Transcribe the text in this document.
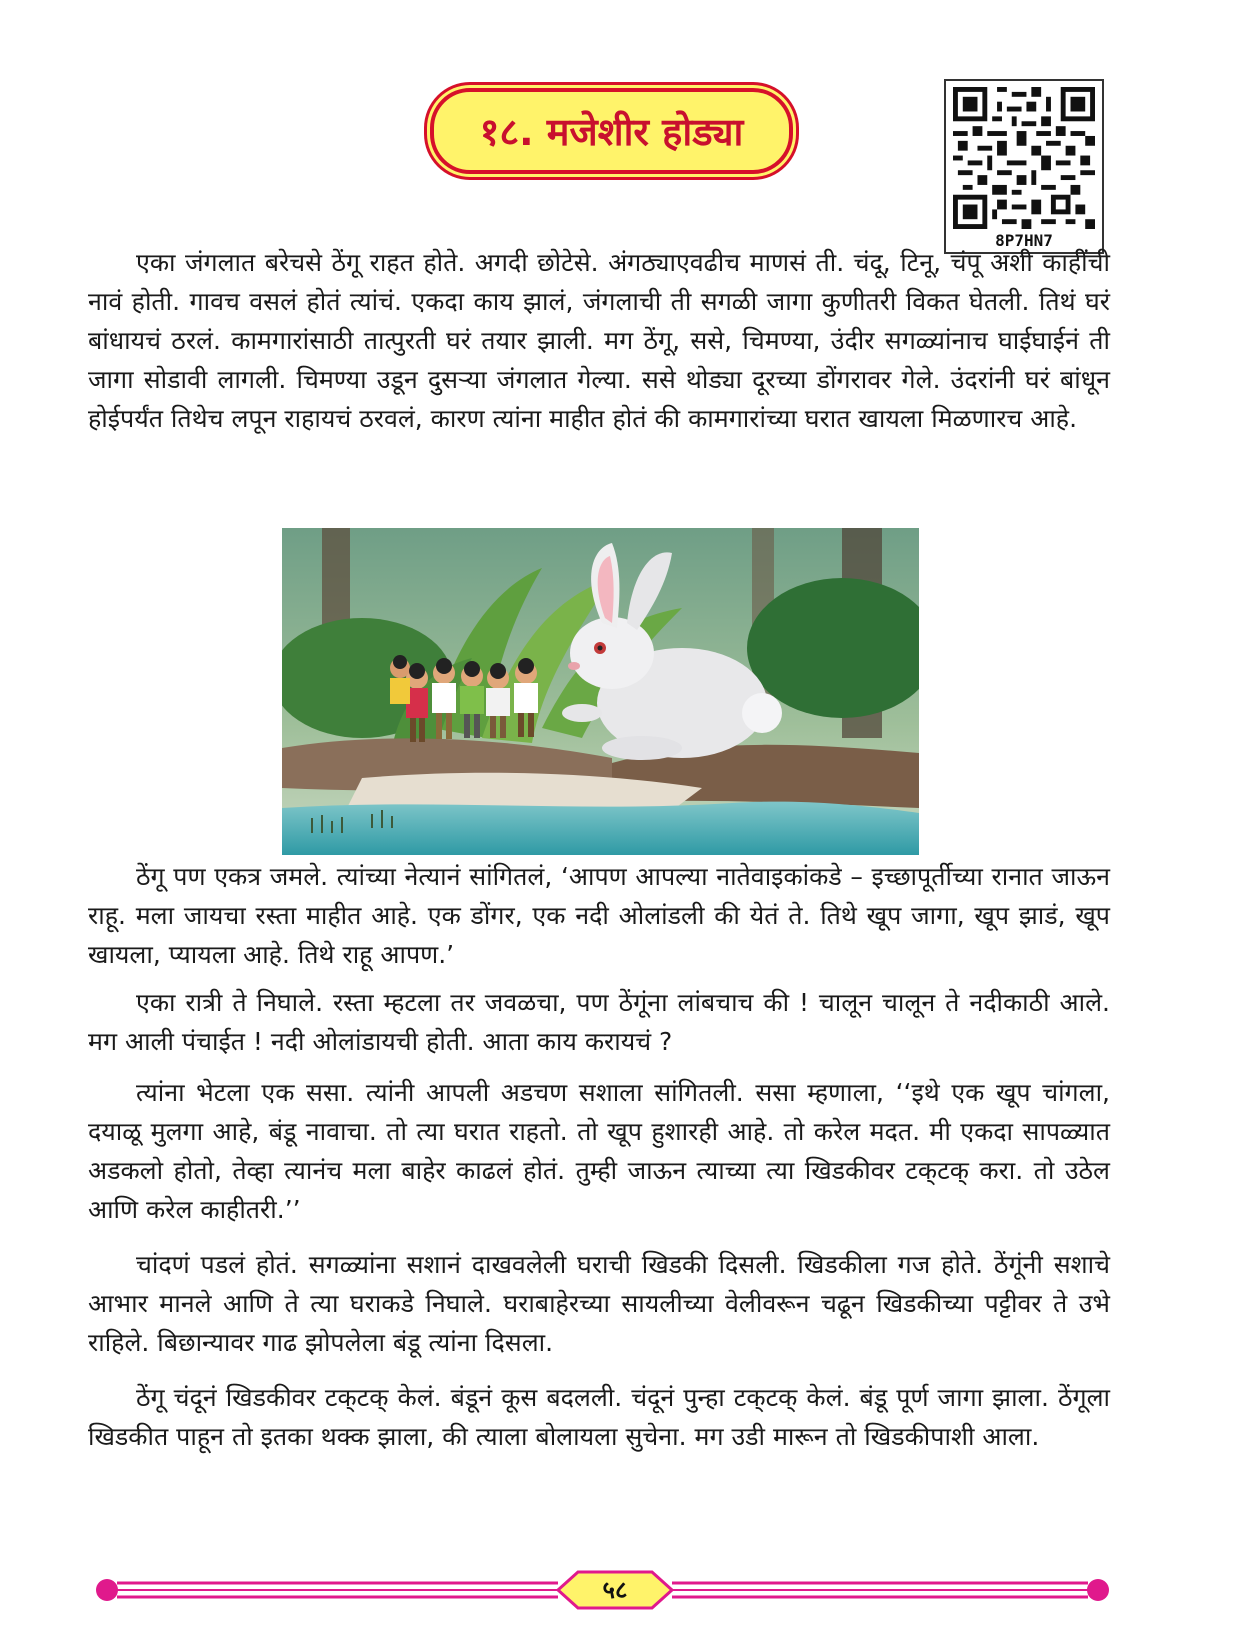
१८. मजेशीर होड्या
8P7HN7

एका जंगलात बरेचसे ठेंगू राहत होते. अगदी छोटेसे. अंगठ्याएवढीच माणसं ती. चंदू, टिनू, चंपू अशी काहींची नावं होती. गावच वसलं होतं त्यांचं. एकदा काय झालं, जंगलाची ती सगळी जागा कुणीतरी विकत घेतली. तिथं घरं बांधायचं ठरलं. कामगारांसाठी तात्पुरती घरं तयार झाली. मग ठेंगू, ससे, चिमण्या, उंदीर सगळ्यांनाच घाईघाईनं ती जागा सोडावी लागली. चिमण्या उडून दुसऱ्या जंगलात गेल्या. ससे थोड्या दूरच्या डोंगरावर गेले. उंदरांनी घरं बांधून होईपर्यंत तिथेच लपून राहायचं ठरवलं, कारण त्यांना माहीत होतं की कामगारांच्या घरात खायला मिळणारच आहे.

ठेंगू पण एकत्र जमले. त्यांच्या नेत्यानं सांगितलं, ‘आपण आपल्या नातेवाइकांकडे – इच्छापूर्तीच्या रानात जाऊन राहू. मला जायचा रस्ता माहीत आहे. एक डोंगर, एक नदी ओलांडली की येतं ते. तिथे खूप जागा, खूप झाडं, खूप खायला, प्यायला आहे. तिथे राहू आपण.’

एका रात्री ते निघाले. रस्ता म्हटला तर जवळचा, पण ठेंगूंना लांबचाच की ! चालून चालून ते नदीकाठी आले. मग आली पंचाईत ! नदी ओलांडायची होती. आता काय करायचं ?

त्यांना भेटला एक ससा. त्यांनी आपली अडचण सशाला सांगितली. ससा म्हणाला, ‘‘इथे एक खूप चांगला, दयाळू मुलगा आहे, बंडू नावाचा. तो त्या घरात राहतो. तो खूप हुशारही आहे. तो करेल मदत. मी एकदा सापळ्यात अडकलो होतो, तेव्हा त्यानंच मला बाहेर काढलं होतं. तुम्ही जाऊन त्याच्या त्या खिडकीवर टक्‌टक्‌ करा. तो उठेल आणि करेल काहीतरी.’’

चांदणं पडलं होतं. सगळ्यांना सशानं दाखवलेली घराची खिडकी दिसली. खिडकीला गज होते. ठेंगूंनी सशाचे आभार मानले आणि ते त्या घराकडे निघाले. घराबाहेरच्या सायलीच्या वेलीवरून चढून खिडकीच्या पट्टीवर ते उभे राहिले. बिछान्यावर गाढ झोपलेला बंडू त्यांना दिसला.

ठेंगू चंदूनं खिडकीवर टक्‌टक्‌ केलं. बंडूनं कूस बदलली. चंदूनं पुन्हा टक्‌टक्‌ केलं. बंडू पूर्ण जागा झाला. ठेंगूला खिडकीत पाहून तो इतका थक्क झाला, की त्याला बोलायला सुचेना. मग उडी मारून तो खिडकीपाशी आला.

५८
